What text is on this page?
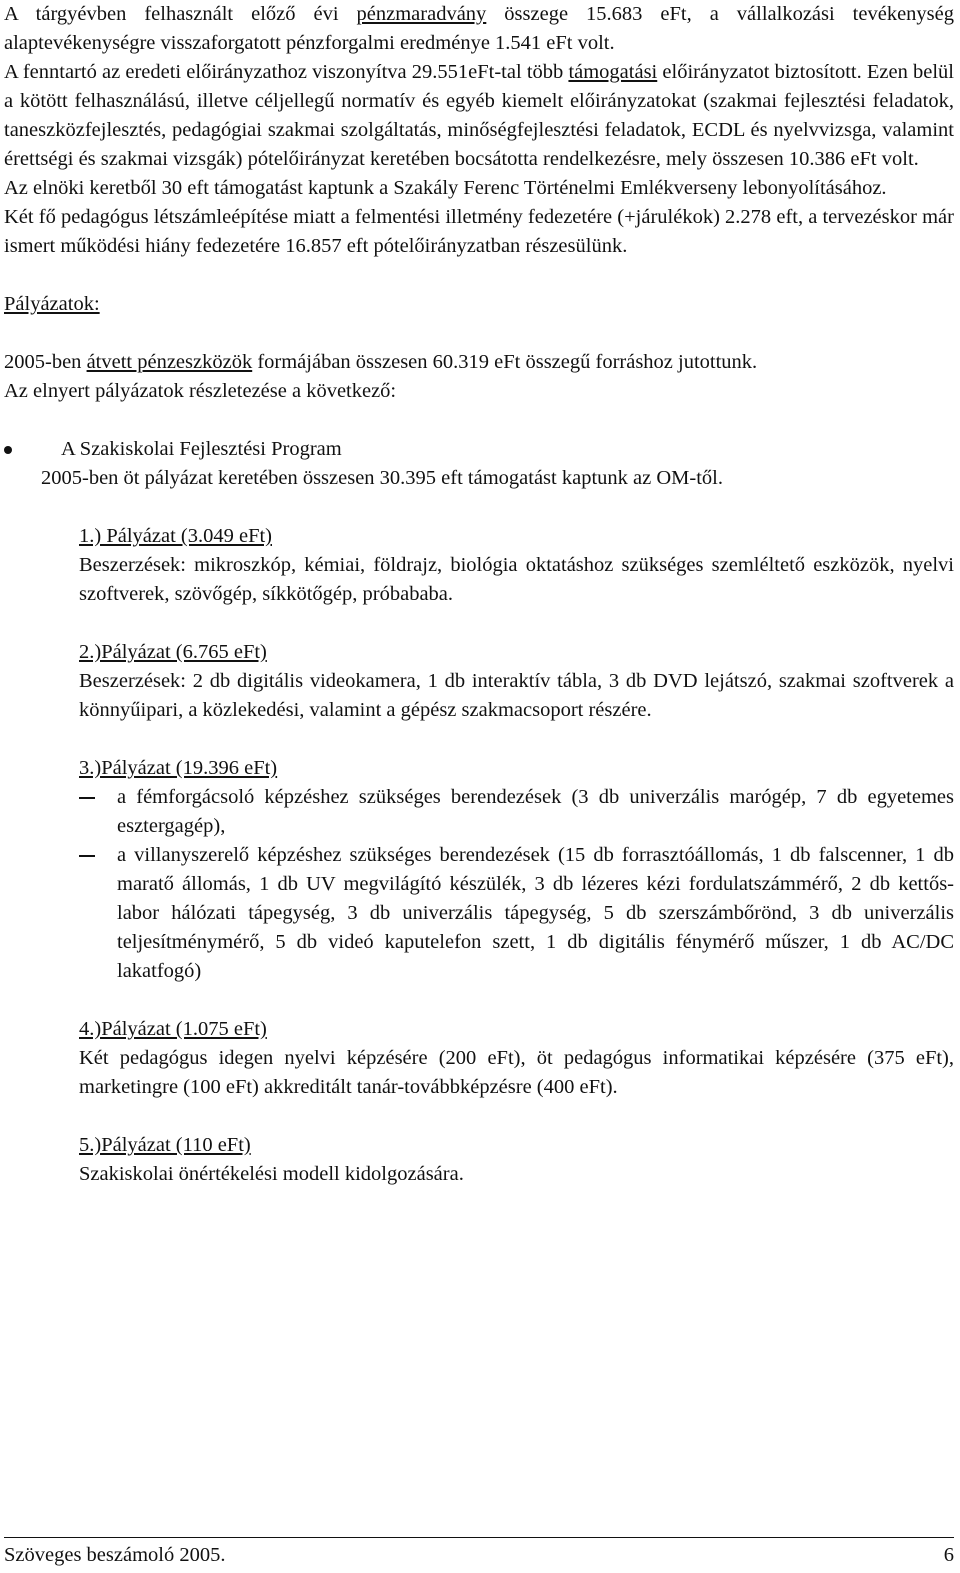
A tárgyévben felhasznált előző évi pénzmaradvány összege 15.683 eFt, a vállalkozási tevékenység alaptevékenységre visszaforgatott pénzforgalmi eredménye 1.541 eFt volt.

A fenntartó az eredeti előirányzathoz viszonyítva 29.551eFt-tal több támogatási előirányzatot biztosított. Ezen belül a kötött felhasználású, illetve céljellegű normatív és egyéb kiemelt előirányzatokat (szakmai fejlesztési feladatok, taneszközfejlesztés, pedagógiai szakmai szolgáltatás, minőségfejlesztési feladatok, ECDL és nyelvvizsga, valamint érettségi és szakmai vizsgák) pótelőirányzat keretében bocsátotta rendelkezésre, mely összesen 10.386 eFt volt.

Az elnöki keretből 30 eft támogatást kaptunk a Szakály Ferenc Történelmi Emlékverseny lebonyolításához.

Két fő pedagógus létszámleépítése miatt a felmentési illetmény fedezetére (+járulékok) 2.278 eft, a tervezéskor már ismert működési hiány fedezetére 16.857 eft pótelőirányzatban részesülünk.

Pályázatok:

2005-ben átvett pénzeszközök formájában összesen 60.319 eFt összegű forráshoz jutottunk.

Az elnyert pályázatok részletezése a következő:

A Szakiskolai Fejlesztési Program

2005-ben öt pályázat keretében összesen 30.395 eft támogatást kaptunk az OM-től.

1.) Pályázat (3.049 eFt)

Beszerzések: mikroszkóp, kémiai, földrajz, biológia oktatáshoz szükséges szemléltető eszközök, nyelvi szoftverek, szövőgép, síkkötőgép, próbababa.

2.)Pályázat (6.765 eFt)

Beszerzések: 2 db digitális videokamera, 1 db interaktív tábla, 3 db DVD lejátszó, szakmai szoftverek a könnyűipari, a közlekedési, valamint a gépész szakmacsoport részére.

3.)Pályázat (19.396 eFt)

a fémforgácsoló képzéshez szükséges berendezések (3 db univerzális marógép, 7 db egyetemes esztergagép),

a villanyszerelő képzéshez szükséges berendezések (15 db forrasztóállomás, 1 db falscenner, 1 db maratő állomás, 1 db UV megvilágító készülék, 3 db lézeres kézi fordulatszámmérő, 2 db kettős-labor hálózati tápegység, 3 db univerzális tápegység, 5 db szerszámbőrönd, 3 db univerzális teljesítménymérő, 5 db videó kaputelefon szett, 1 db digitális fénymérő műszer, 1 db AC/DC lakatfogó)

4.)Pályázat (1.075 eFt)

Két pedagógus idegen nyelvi képzésére (200 eFt), öt pedagógus informatikai képzésére (375 eFt), marketingre (100 eFt) akkreditált tanár-továbbképzésre (400 eFt).

5.)Pályázat (110 eFt)

Szakiskolai önértékelési modell kidolgozására.

Szöveges beszámoló 2005.	6
